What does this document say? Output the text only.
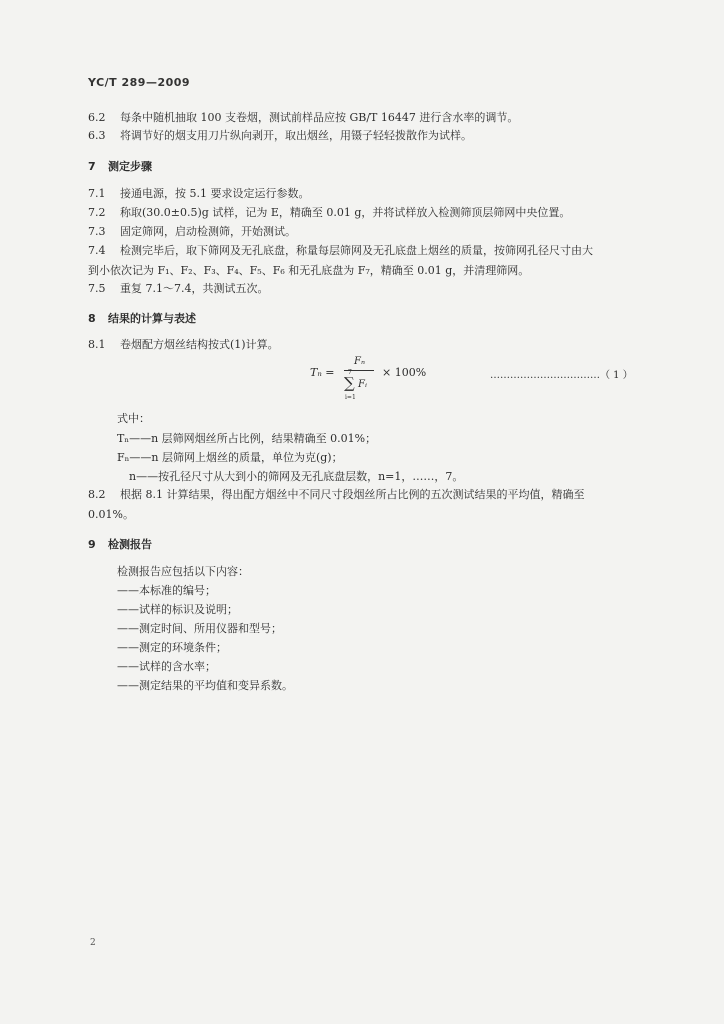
YC/T 289—2009
6.2 每条中随机抽取 100 支卷烟，测试前样品应按 GB/T 16447 进行含水率的调节。
6.3 将调节好的烟支用刀片纵向剥开，取出烟丝，用镊子轻轻拨散作为试样。
7 测定步骤
7.1 接通电源，按 5.1 要求设定运行参数。
7.2 称取(30.0±0.5)g 试样，记为 E，精确至 0.01 g，并将试样放入检测筛顶层筛网中央位置。
7.3 固定筛网，启动检测筛，开始测试。
7.4 检测完毕后，取下筛网及无孔底盘，称量每层筛网及无孔底盘上烟丝的质量，按筛网孔径尺寸由大
到小依次记为 F₁、F₂、F₃、F₄、F₅、F₆ 和无孔底盘为 F₇，精确至 0.01 g，并清理筛网。
7.5 重复 7.1～7.4，共测试五次。
8 结果的计算与表述
8.1 卷烟配方烟丝结构按式(1)计算。
Tₙ =
Fₙ
7
∑ Fᵢ
i=1
× 100%	……………………………（ 1 ）
式中：
Tₙ——n 层筛网烟丝所占比例，结果精确至 0.01%；
Fₙ——n 层筛网上烟丝的质量，单位为克(g)；
n——按孔径尺寸从大到小的筛网及无孔底盘层数，n=1，……，7。
8.2 根据 8.1 计算结果，得出配方烟丝中不同尺寸段烟丝所占比例的五次测试结果的平均值，精确至
0.01%。
9 检测报告
检测报告应包括以下内容：
——本标准的编号；
——试样的标识及说明；
——测定时间、所用仪器和型号；
——测定的环境条件；
——试样的含水率；
——测定结果的平均值和变异系数。
2
